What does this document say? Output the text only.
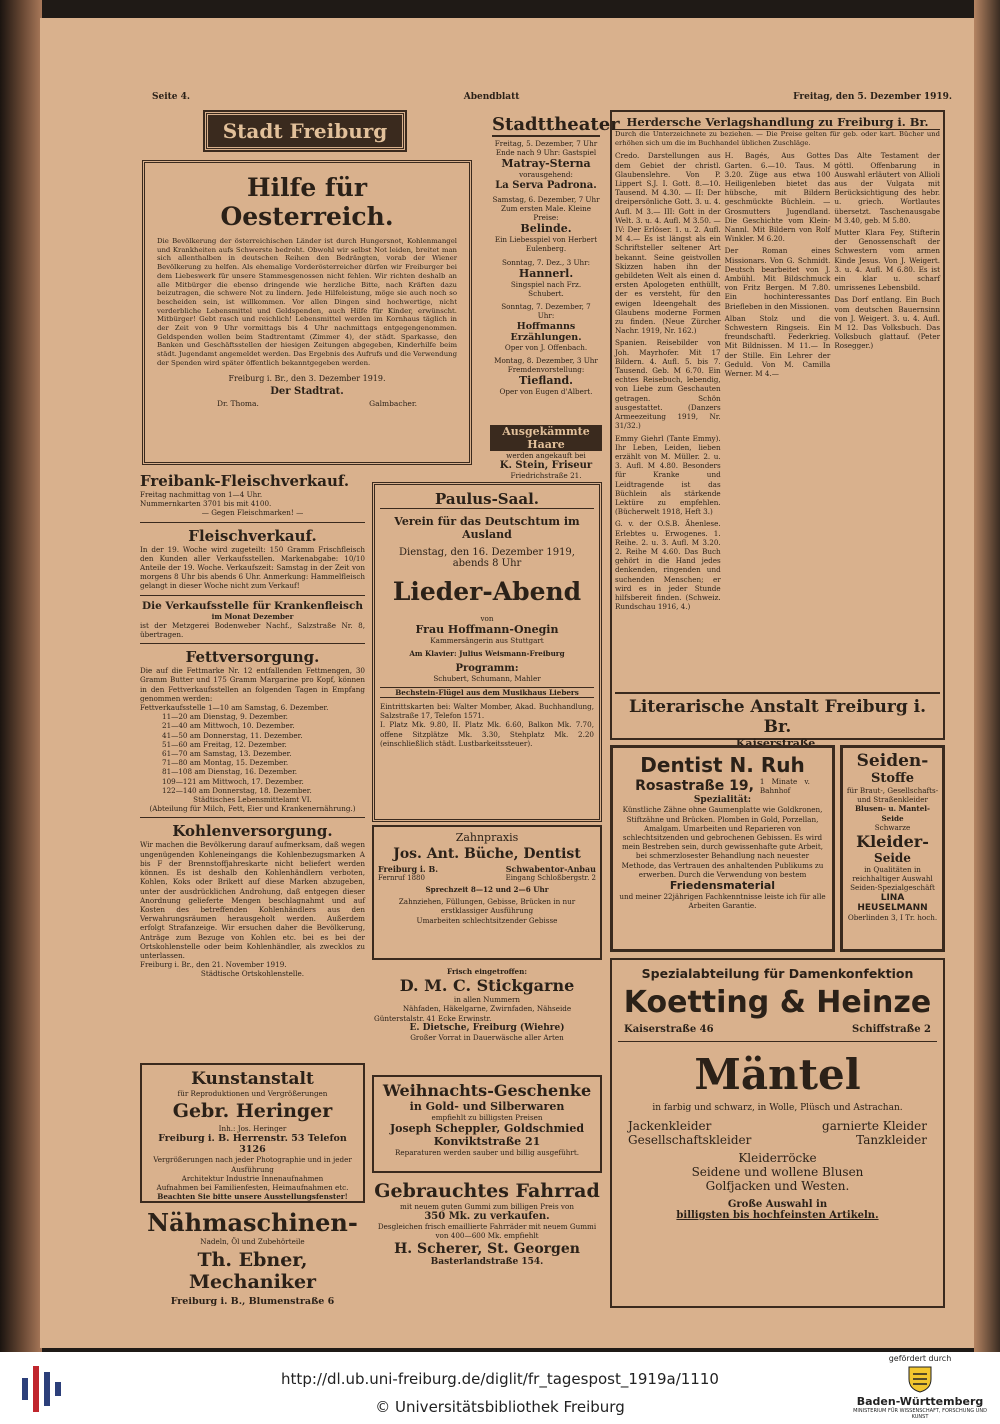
Seite 4.	Abendblatt	Freitag, den 5. Dezember 1919.
Stadt Freiburg
Hilfe für Oesterreich.
Die Bevölkerung der österreichischen Länder ist durch Hungersnot, Kohlenmangel und Krankheiten aufs Schwerste bedroht. Obwohl wir selbst Not leiden, breitet man sich allenthalben in deutschen Reihen den Bedrängten, vorab der Wiener Bevölkerung zu helfen. Als ehemalige Vorderösterreicher dürfen wir Freiburger bei dem Liebeswerk für unsere Stammesgenossen nicht fehlen. Wir richten deshalb an alle Mitbürger die ebenso dringende wie herzliche Bitte, nach Kräften dazu beizutragen, die schwere Not zu lindern. Jede Hilfeleistung, möge sie auch noch so bescheiden sein, ist willkommen. Vor allen Dingen sind hochwertige, nicht verderbliche Lebensmittel und Geldspenden, auch Hilfe für Kinder, erwünscht. Mitbürger! Gebt rasch und reichlich! Lebensmittel werden im Kornhaus täglich in der Zeit von 9 Uhr vormittags bis 4 Uhr nachmittags entgegengenommen. Geldspenden wollen beim Stadtrentamt (Zimmer 4), der städt. Sparkasse, den Banken und Geschäftsstellen der hiesigen Zeitungen abgegeben, Kinderhilfe beim städt. Jugendamt angemeldet werden. Das Ergebnis des Aufrufs und die Verwendung der Spenden wird später öffentlich bekanntgegeben werden.
Freiburg i. Br., den 3. Dezember 1919.
Der Stadtrat.
Dr. Thoma.	Galmbacher.
Freibank-Fleischverkauf.
Freitag nachmittag von 1—4 Uhr.
Nummernkarten 3701 bis mit 4100.
— Gegen Fleischmarken! —
Fleischverkauf.
In der 19. Woche wird zugeteilt: 150 Gramm Frischfleisch den Kunden aller Verkaufsstellen. Markenabgabe: 10/10 Anteile der 19. Woche. Verkaufszeit: Samstag in der Zeit von morgens 8 Uhr bis abends 6 Uhr. Anmerkung: Hammelfleisch gelangt in dieser Woche nicht zum Verkauf!
Die Verkaufsstelle für Krankenfleisch
im Monat Dezember
ist der Metzgerei Bodenweber Nachf., Salzstraße Nr. 8, übertragen.
Fettversorgung.
Die auf die Fettmarke Nr. 12 entfallenden Fettmengen, 30 Gramm Butter und 175 Gramm Margarine pro Kopf, können in den Fettverkaufsstellen an folgenden Tagen in Empfang genommen werden:
Fettverkaufsstelle 1—10 am Samstag, 6. Dezember.
11—20 am Dienstag, 9. Dezember.
21—40 am Mittwoch, 10. Dezember.
41—50 am Donnerstag, 11. Dezember.
51—60 am Freitag, 12. Dezember.
61—70 am Samstag, 13. Dezember.
71—80 am Montag, 15. Dezember.
81—108 am Dienstag, 16. Dezember.
109—121 am Mittwoch, 17. Dezember.
122—140 am Donnerstag, 18. Dezember.
Städtisches Lebensmittelamt VI.
(Abteilung für Milch, Fett, Eier und Krankenernährung.)
Kohlenversorgung.
Wir machen die Bevölkerung darauf aufmerksam, daß wegen ungenügenden Kohleneingangs die Kohlenbezugsmarken A bis F der Brennstoffjahreskarte nicht beliefert werden können. Es ist deshalb den Kohlenhändlern verboten, Kohlen, Koks oder Brikett auf diese Marken abzugeben, unter der ausdrücklichen Androhung, daß entgegen dieser Anordnung gelieferte Mengen beschlagnahmt und auf Kosten des betreffenden Kohlenhändlers aus den Verwahrungsräumen herausgeholt werden. Außerdem erfolgt Strafanzeige. Wir ersuchen daher die Bevölkerung, Anträge zum Bezuge von Kohlen etc. bei es bei der Ortskohlenstelle oder beim Kohlenhändler, als zwecklos zu unterlassen.
Freiburg i. Br., den 21. November 1919.
Städtische Ortskohlenstelle.
Kunstanstalt
für Reproduktionen und Vergrößerungen
Gebr. Heringer
Inh.: Jos. Heringer
Freiburg i. B. Herrenstr. 53 Telefon 3126
Vergrößerungen nach jeder Photographie und in jeder Ausführung
Architektur Industrie Innenaufnahmen
Aufnahmen bei Familienfesten, Heimaufnahmen etc.
Beachten Sie bitte unsere Ausstellungsfenster!
Nähmaschinen-
Nadeln, Öl und Zubehörteile
Th. Ebner, Mechaniker
Freiburg i. B., Blumenstraße 6
Stadttheater
Freitag, 5. Dezember, 7 Uhr Ende nach 9 Uhr: Gastspiel
Matray-Sterna
vorausgehend:
La Serva Padrona.
Samstag, 6. Dezember, 7 Uhr Zum ersten Male. Kleine Preise:
Belinde.
Ein Liebesspiel von Herbert Eulenberg.
Sonntag, 7. Dez., 3 Uhr:
Hannerl.
Singspiel nach Frz. Schubert.
Sonntag, 7. Dezember, 7 Uhr:
Hoffmanns Erzählungen.
Oper von J. Offenbach.
Montag, 8. Dezember, 3 Uhr Fremdenvorstellung:
Tiefland.
Oper von Eugen d'Albert.
Ausgekämmte Haare
werden angekauft bei
K. Stein, Friseur
Friedrichstraße 21.
Paulus-Saal.
Verein für das Deutschtum im Ausland
Dienstag, den 16. Dezember 1919, abends 8 Uhr
Lieder-Abend
von
Frau Hoffmann-Onegin
Kammersängerin aus Stuttgart
Am Klavier: Julius Weismann-Freiburg
Programm:
Schubert, Schumann, Mahler
Bechstein-Flügel aus dem Musikhaus Liebers
Eintrittskarten bei: Walter Momber, Akad. Buchhandlung, Salzstraße 17, Telefon 1571.
I. Platz Mk. 9.80, II. Platz Mk. 6.60, Balkon Mk. 7.70, offene Sitzplätze Mk. 3.30, Stehplatz Mk. 2.20 (einschließlich städt. Lustbarkeitssteuer).
Zahnpraxis
Jos. Ant. Büche, Dentist
Freiburg i. B.	Schwabentor-Anbau
Fernruf 1880	Eingang Schloßbergstr. 2
Sprechzeit 8—12 und 2—6 Uhr
Zahnziehen, Füllungen, Gebisse, Brücken in nur erstklassiger Ausführung
Umarbeiten schlechtsitzender Gebisse
Frisch eingetroffen:
D. M. C. Stickgarne
in allen Nummern
Nähfaden, Häkelgarne, Zwirnfaden, Nähseide
Günterstalstr. 41 Ecke Erwinstr.
E. Dietsche, Freiburg (Wiehre)
Großer Vorrat in Dauerwäsche aller Arten
Weihnachts-Geschenke
in Gold- und Silberwaren
empfiehlt zu billigsten Preisen
Joseph Scheppler, Goldschmied
Konviktstraße 21
Reparaturen werden sauber und billig ausgeführt.
Gebrauchtes Fahrrad
mit neuem guten Gummi zum billigen Preis von
350 Mk. zu verkaufen.
Desgleichen frisch emaillierte Fahrräder mit neuem Gummi von 400—600 Mk. empfiehlt
H. Scherer, St. Georgen
Basterlandstraße 154.
Herdersche Verlagshandlung zu Freiburg i. Br.
Durch die Unterzeichnete zu beziehen. — Die Preise gelten für geb. oder kart. Bücher und erhöhen sich um die im Buchhandel üblichen Zuschläge.
Credo. Darstellungen aus dem Gebiet der christl. Glaubenslehre. Von P. Lippert S.J. I. Gott. 8.—10. Tausend. M 4.30. — II: Der dreipersönliche Gott. 3. u. 4. Aufl. M 3.— III: Gott in der Welt. 3. u. 4. Aufl. M 3.50. — IV: Der Erlöser. 1. u. 2. Aufl. M 4.— Es ist längst als ein Schriftsteller seltener Art bekannt. Seine geistvollen Skizzen haben ihn der gebildeten Welt als einen d. ersten Apologeten enthüllt, der es versteht, für den ewigen Ideengehalt des Glaubens moderne Formen zu finden. (Neue Zürcher Nachr. 1919, Nr. 162.)
Spanien. Reisebilder von Joh. Mayrhofer. Mit 17 Bildern. 4. Aufl. 5. bis 7. Tausend. Geb. M 6.70. Ein echtes Reisebuch, lebendig, von Liebe zum Geschauten getragen. Schön ausgestattet. (Danzers Armeezeitung 1919, Nr. 31/32.)
Emmy Giehrl (Tante Emmy). Ihr Leben, Leiden, lieben erzählt von M. Müller. 2. u. 3. Aufl. M 4.80. Besonders für Kranke und Leidtragende ist das Büchlein als stärkende Lektüre zu empfehlen. (Bücherwelt 1918, Heft 3.)
G. v. der O.S.B. Ähenlese. Erlebtes u. Erwogenes. 1. Reihe. 2. u. 3. Aufl. M 3.20. 2. Reihe M 4.60. Das Buch gehört in die Hand jedes denkenden, ringenden und suchenden Menschen; er wird es in jeder Stunde hilfsbereit finden. (Schweiz. Rundschau 1916, 4.)
H. Bagés, Aus Gottes Garten. 6.—10. Taus. M 3.20. Züge aus etwa 100 Heiligenleben bietet das hübsche, mit Bildern geschmückte Büchlein. — Grosmutters Jugendland. Die Geschichte vom Klein-Nannl. Mit Bildern von Rolf Winkler. M 6.20.
Der Roman eines Missionars. Von G. Schmidt. Deutsch bearbeitet von J. Ambühl. Mit Bildschmuck von Fritz Bergen. M 7.80. Ein hochinteressantes Briefleben in den Missionen.
Alban Stolz und die Schwestern Ringseis. Ein freundschaftl. Federkrieg. Mit Bildnissen. M 11.— In der Stille. Ein Lehrer der Geduld. Von M. Camilla Werner. M 4.—
Das Alte Testament der göttl. Offenbarung in Auswahl erläutert von Allioli aus der Vulgata mit Berücksichtigung des hebr. u. griech. Wortlautes übersetzt. Taschenausgabe M 3.40, geb. M 5.80.
Mutter Klara Fey, Stifterin der Genossenschaft der Schwestern vom armen Kinde Jesus. Von J. Weigert. 3. u. 4. Aufl. M 6.80. Es ist ein klar u. scharf umrissenes Lebensbild.
Das Dorf entlang. Ein Buch vom deutschen Bauernsinn von J. Weigert. 3. u. 4. Aufl. M 12. Das Volksbuch. Das Volksbuch glattauf. (Peter Rosegger.)
Literarische Anstalt Freiburg i. Br.
Kaiserstraße.
Dentist N. Ruh
Rosastraße 19, 1 Minate v. Bahnhof
Spezialität:
Künstliche Zähne ohne Gaumenplatte wie Goldkronen, Stiftzähne und Brücken. Plomben in Gold, Porzellan, Amalgam. Umarbeiten und Reparieren von schlechtsitzenden und gebrochenen Gebissen. Es wird mein Bestreben sein, durch gewissenhafte gute Arbeit, bei schmerzlosester Behandlung nach neuester Methode, das Vertrauen des anhaltenden Publikums zu erwerben. Durch die Verwendung von bestem
Friedensmaterial
und meiner 22jährigen Fachkenntnisse leiste ich für alle Arbeiten Garantie.
Seiden-
Stoffe
für Braut-, Gesellschafts- und Straßenkleider
Blusen- u. Mantel-Seide
Schwarze
Kleider-
Seide
in Qualitäten in reichhaltiger Auswahl
Seiden-Spezialgeschäft
LINA HEUSELMANN
Oberlinden 3, I Tr. hoch.
Spezialabteilung für Damenkonfektion
Koetting & Heinze
Kaiserstraße 46	Schiffstraße 2
Mäntel
in farbig und schwarz, in Wolle, Plüsch und Astrachan.
Jackenkleider	garnierte Kleider
Gesellschaftskleider	Tanzkleider
Kleiderröcke
Seidene und wollene Blusen
Golfjacken und Westen.
Große Auswahl in
billigsten bis hochfeinsten Artikeln.
http://dl.ub.uni-freiburg.de/diglit/fr_tagespost_1919a/1110
© Universitätsbibliothek Freiburg
gefördert durch
Baden-Württemberg
MINISTERIUM FÜR WISSENSCHAFT, FORSCHUNG UND KUNST
